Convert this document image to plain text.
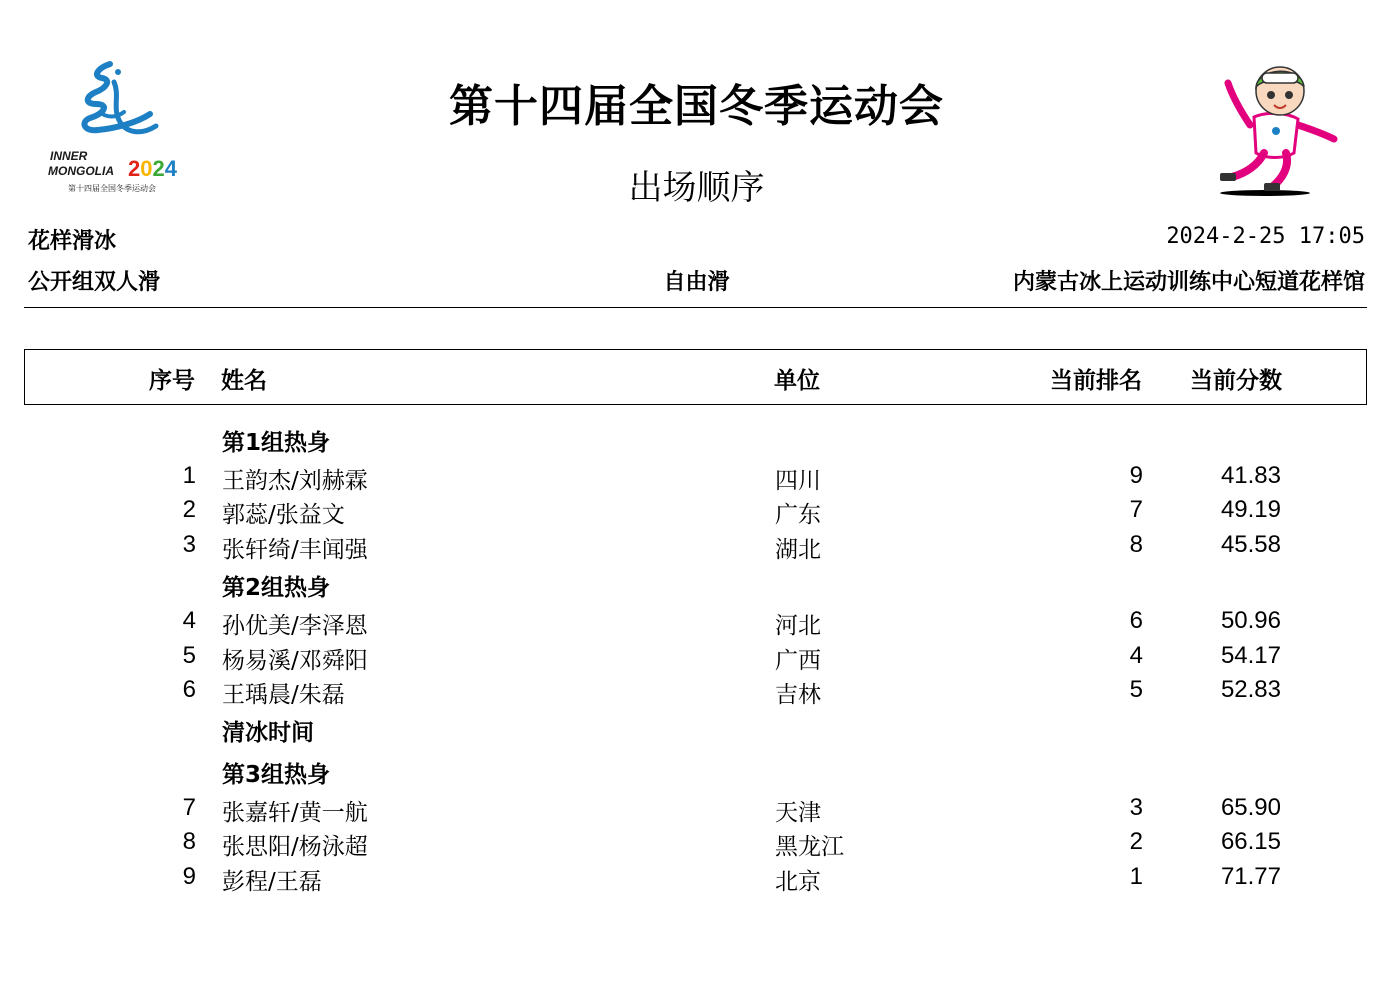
INNER
MONGOLIA 2024
第十四届全国冬季运动会
第十四届全国冬季运动会
出场顺序
花样滑冰	2024-2-25 17:05
公开组双人滑	自由滑	内蒙古冰上运动训练中心短道花样馆
序号 姓名	单位	当前排名 当前分数
第1组热身
1 王韵杰/刘赫霖	四川	9	41.83
2 郭蕊/张益文	广东	7	49.19
3 张轩绮/丰闻强	湖北	8	45.58
第2组热身
4 孙优美/李泽恩	河北	6	50.96
5 杨易溪/邓舜阳	广西	4	54.17
6 王瑀晨/朱磊	吉林	5	52.83
清冰时间
第3组热身
7 张嘉轩/黄一航	天津	3	65.90
8 张思阳/杨泳超	黑龙江	2	66.15
9 彭程/王磊	北京	1	71.77
